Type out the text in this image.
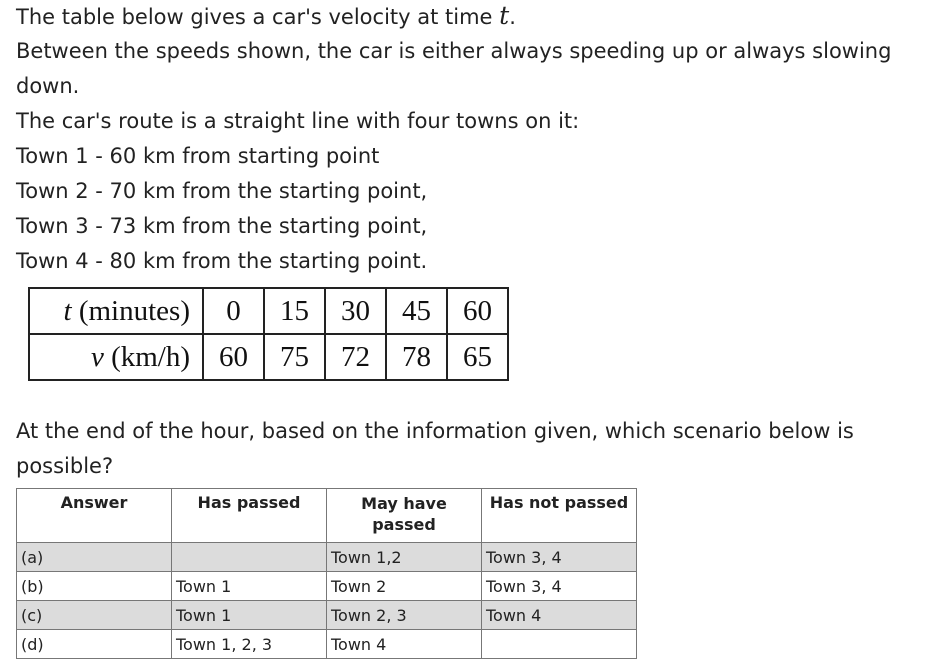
The table below gives a car's velocity at time t.
Between the speeds shown, the car is either always speeding up or always slowing
down.
The car's route is a straight line with four towns on it:
Town 1 - 60 km from starting point
Town 2 - 70 km from the starting point,
Town 3 - 73 km from the starting point,
Town 4 - 80 km from the starting point.
t (minutes)	0	15	30	45	60
v (km/h)	60	75	72	78	65
At the end of the hour, based on the information given, which scenario below is
possible?
Answer	Has passed	May have passed	Has not passed
(a)		Town 1,2	Town 3, 4
(b)	Town 1	Town 2	Town 3, 4
(c)	Town 1	Town 2, 3	Town 4
(d)	Town 1, 2, 3	Town 4	
